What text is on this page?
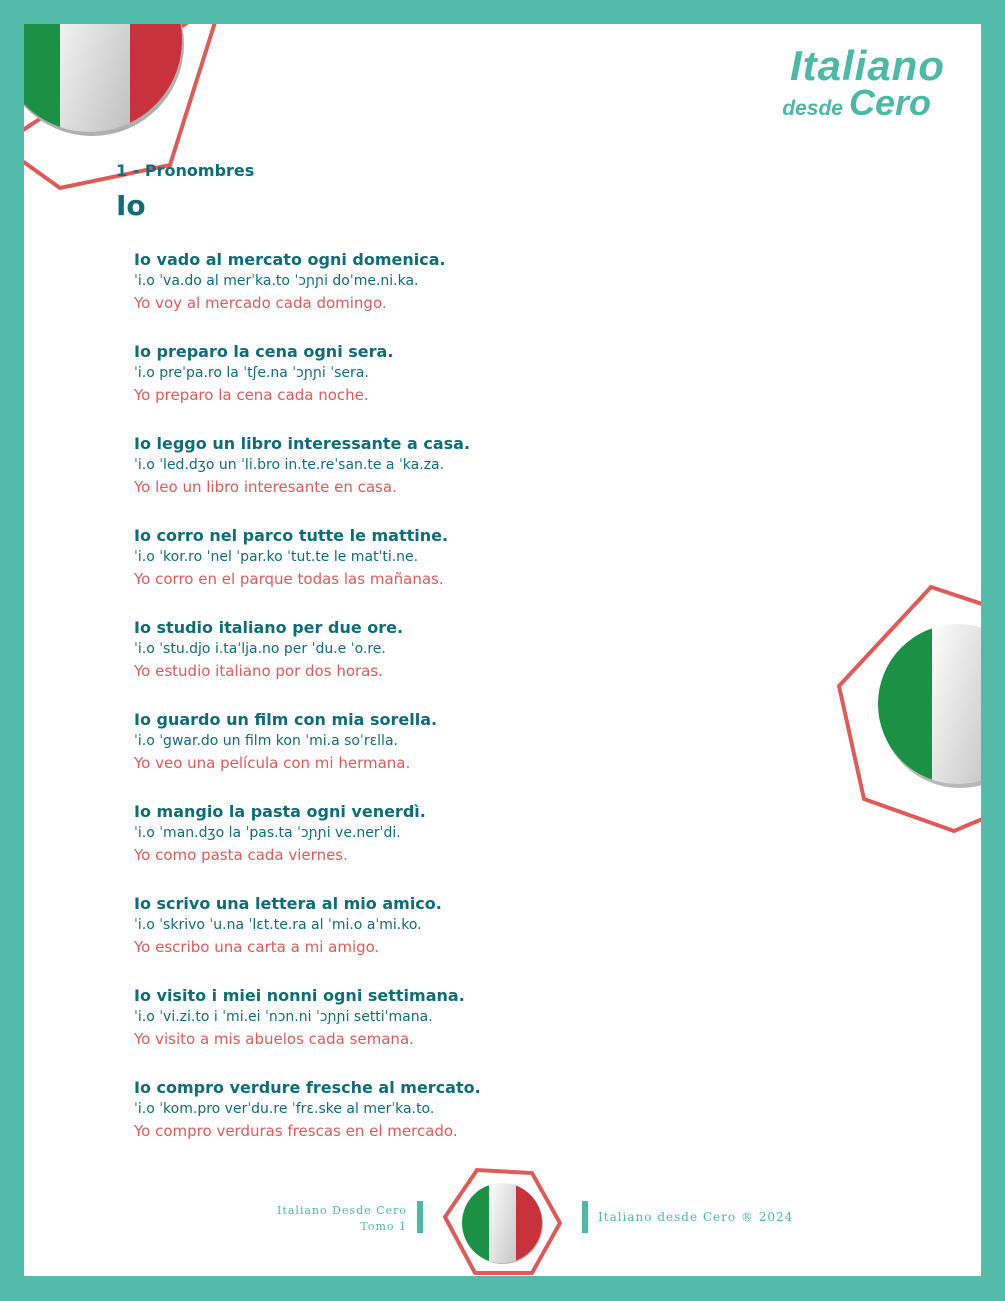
Italiano
desde Cero
1 - Pronombres
Io
Io vado al mercato ogni domenica.
ˈi.o ˈva.do al merˈka.to ˈɔɲɲi doˈme.ni.ka.
Yo voy al mercado cada domingo.
Io preparo la cena ogni sera.
ˈi.o preˈpa.ro la ˈtʃe.na ˈɔɲɲi ˈsera.
Yo preparo la cena cada noche.
Io leggo un libro interessante a casa.
ˈi.o ˈled.dʒo un ˈli.bro in.te.reˈsan.te a ˈka.za.
Yo leo un libro interesante en casa.
Io corro nel parco tutte le mattine.
ˈi.o ˈkor.ro ˈnel ˈpar.ko ˈtut.te le matˈti.ne.
Yo corro en el parque todas las mañanas.
Io studio italiano per due ore.
ˈi.o ˈstu.djo i.taˈlja.no per ˈdu.e ˈo.re.
Yo estudio italiano por dos horas.
Io guardo un film con mia sorella.
ˈi.o ˈgwar.do un film kon ˈmi.a soˈrɛlla.
Yo veo una película con mi hermana.
Io mangio la pasta ogni venerdì.
ˈi.o ˈman.dʒo la ˈpas.ta ˈɔɲɲi ve.nerˈdi.
Yo como pasta cada viernes.
Io scrivo una lettera al mio amico.
ˈi.o ˈskrivo ˈu.na ˈlɛt.te.ra al ˈmi.o aˈmi.ko.
Yo escribo una carta a mi amigo.
Io visito i miei nonni ogni settimana.
ˈi.o ˈvi.zi.to i ˈmi.ei ˈnɔn.ni ˈɔɲɲi settiˈmana.
Yo visito a mis abuelos cada semana.
Io compro verdure fresche al mercato.
ˈi.o ˈkom.pro verˈdu.re ˈfrɛ.ske al merˈka.to.
Yo compro verduras frescas en el mercado.
Italiano Desde Cero
Tomo 1
Italiano desde Cero ® 2024
